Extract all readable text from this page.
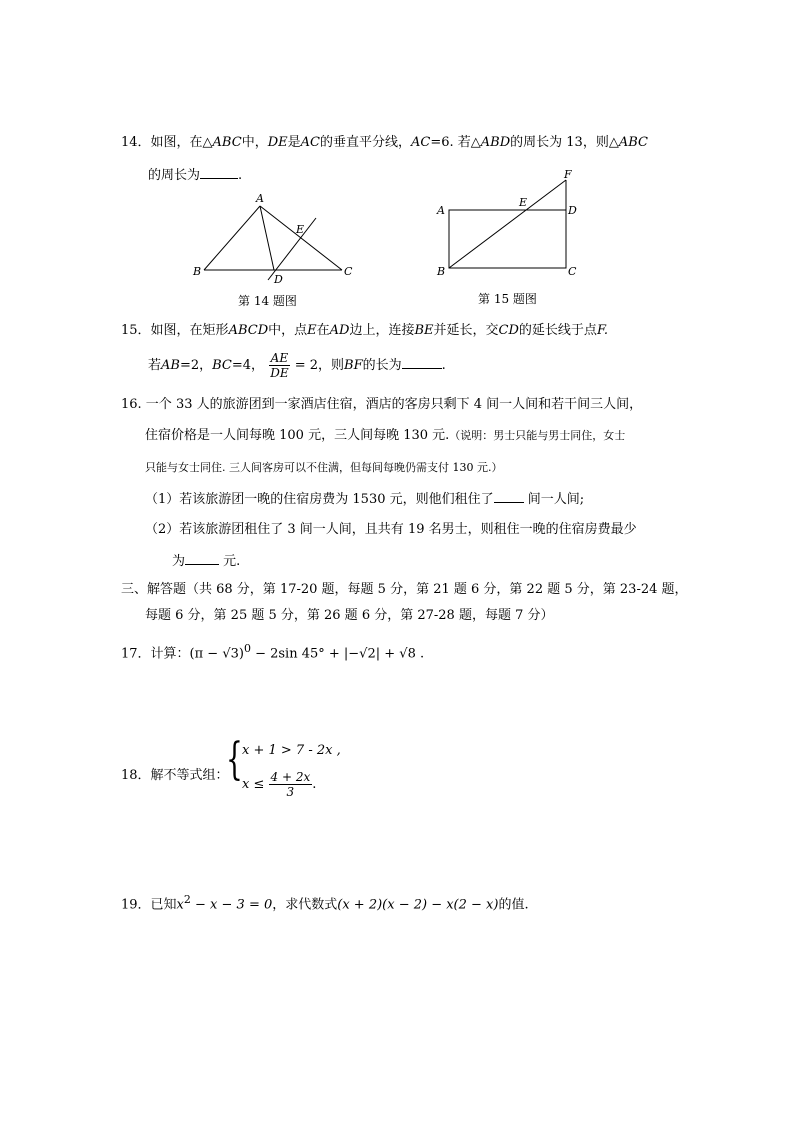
14．如图，在△ABC中，DE是AC的垂直平分线，AC=6. 若△ABD的周长为 13，则△ABC
的周长为	.
A
B	C
D
E
第 14 题图
A
B	C
D
E
F
第 15 题图
15．如图，在矩形ABCD中，点E在AD边上，连接BE并延长，交CD的延长线于点F.
若AB=2，BC=4， $\frac{AE}{DE} = 2$，则BF的长为	.
16. 一个 33 人的旅游团到一家酒店住宿，酒店的客房只剩下 4 间一人间和若干间三人间，
住宿价格是一人间每晚 100 元，三人间每晚 130 元.（说明：男士只能与男士同住，女士
只能与女士同住. 三人间客房可以不住满，但每间每晚仍需支付 130 元.）
（1）若该旅游团一晚的住宿房费为 1530 元，则他们租住了	间一人间;
（2）若该旅游团租住了 3 间一人间，且共有 19 名男士，则租住一晚的住宿房费最少
为	元.
三、解答题（共 68 分，第 17-20 题，每题 5 分，第 21 题 6 分，第 22 题 5 分，第 23-24 题，
每题 6 分，第 25 题 5 分，第 26 题 6 分，第 27-28 题，每题 7 分）
17．计算：$(\pi - √3)^0 - 2\sin$ 45° + |−√2| + √8 .
18．解不等式组：
{ x + 1 > 7 - 2x ,
$x \le \frac{4 + 2x}{3}$ .
19．已知$x^2 - x - 3 = 0$，求代数式(x + 2)(x − 2) − x(2 − x)的值.
